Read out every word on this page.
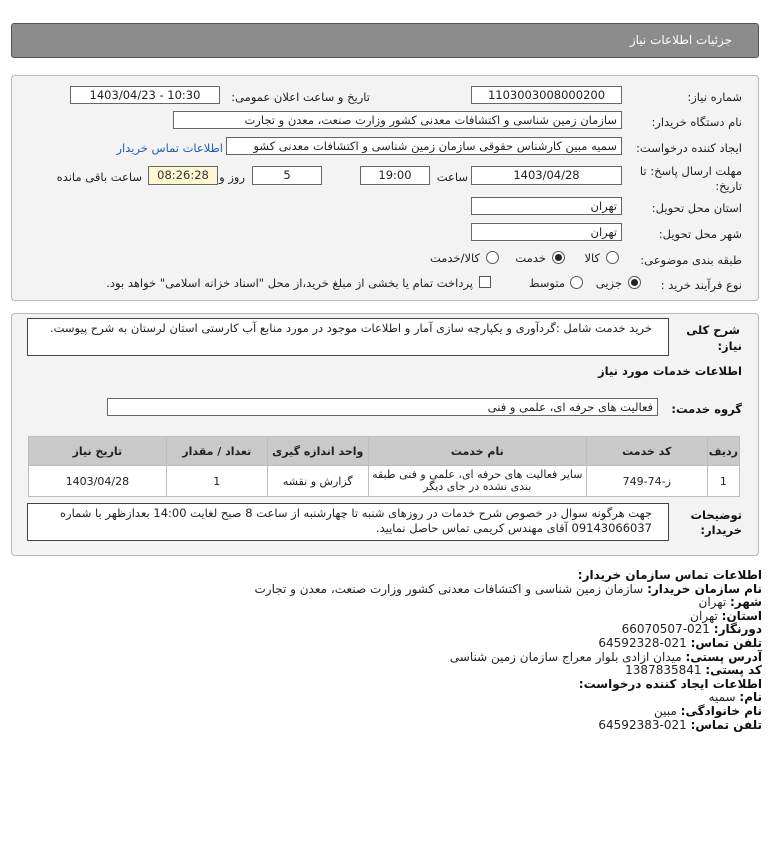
جزئیات اطلاعات نیاز
شماره نیاز:
1103003008000200
تاریخ و ساعت اعلان عمومی:
1403/04/23 - 10:30
نام دستگاه خریدار:
سازمان زمین شناسی و اکتشافات معدنی کشور وزارت صنعت، معدن و تجارت
ایجاد کننده درخواست:
سمیه مبین کارشناس حقوقی سازمان زمین شناسی و اکتشافات معدنی کشو
اطلاعات تماس خریدار
مهلت ارسال پاسخ: تا
تاریخ:
1403/04/28
ساعت
19:00
5
روز و
08:26:28
ساعت باقی مانده
استان محل تحویل:
تهران
شهر محل تحویل:
تهران
طبقه بندی موضوعی:
کالا
خدمت
کالا/خدمت
نوع فرآیند خرید :
جزیی
متوسط
پرداخت تمام یا بخشی از مبلغ خرید،از محل "اسناد خزانه اسلامی" خواهد بود.
شرح کلی
نیاز:
خرید خدمت شامل :گردآوری و یکپارچه سازی آمار و اطلاعات موجود در مورد منابع آب کارستی استان لرستان به شرح پیوست.
اطلاعات خدمات مورد نیاز
گروه خدمت:
فعالیت های حرفه ای، علمی و فنی
ردیف	کد خدمت	نام خدمت	واحد اندازه گیری	تعداد / مقدار	تاریخ نیاز
1	ز-74-749	سایر فعالیت های حرفه ای، علمی و فنی طبقه بندی نشده در جای دیگر	گزارش و نقشه	1	1403/04/28
توضیحات
خریدار:
جهت هرگونه سوال در خصوص شرح خدمات در روزهای شنبه تا چهارشنبه از ساعت 8 صبح لغایت 14:00 بعدازظهر با شماره 09143066037 آقای مهندس کریمی تماس حاصل نمایید.
اطلاعات تماس سازمان خریدار:
نام سازمان خریدار: سازمان زمین شناسی و اکتشافات معدنی کشور وزارت صنعت، معدن و تجارت
شهر: تهران
استان: تهران
دورنگار: 021-66070507
تلفن تماس: 021-64592328
آدرس پستی: میدان ازادی بلوار معراج سازمان زمین شناسی
کد پستی: 1387835841
اطلاعات ایجاد کننده درخواست:
نام: سمیه
نام خانوادگی: مبین
تلفن تماس: 021-64592383
